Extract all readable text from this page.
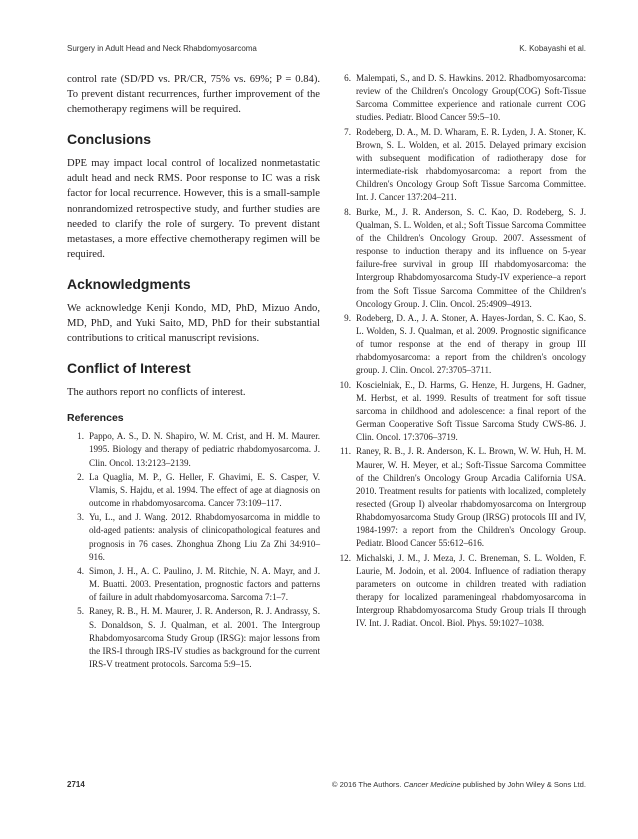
Surgery in Adult Head and Neck Rhabdomyosarcoma	K. Kobayashi et al.

control rate (SD/PD vs. PR/CR, 75% vs. 69%; P = 0.84). To prevent distant recurrences, further improvement of the chemotherapy regimens will be required.

Conclusions

DPE may impact local control of localized nonmetastatic adult head and neck RMS. Poor response to IC was a risk factor for local recurrence. However, this is a small-sample nonrandomized retrospective study, and further studies are needed to clarify the role of surgery. To prevent distant metastases, a more effective chemotherapy regimen will be required.

Acknowledgments

We acknowledge Kenji Kondo, MD, PhD, Mizuo Ando, MD, PhD, and Yuki Saito, MD, PhD for their substantial contributions to critical manuscript revisions.

Conflict of Interest

The authors report no conflicts of interest.

References
1. Pappo, A. S., D. N. Shapiro, W. M. Crist, and H. M. Maurer. 1995. Biology and therapy of pediatric rhabdomyosarcoma. J. Clin. Oncol. 13:2123–2139.
2. La Quaglia, M. P., G. Heller, F. Ghavimi, E. S. Casper, V. Vlamis, S. Hajdu, et al. 1994. The effect of age at diagnosis on outcome in rhabdomyosarcoma. Cancer 73:109–117.
3. Yu, L., and J. Wang. 2012. Rhabdomyosarcoma in middle to old-aged patients: analysis of clinicopathological features and prognosis in 76 cases. Zhonghua Zhong Liu Za Zhi 34:910–916.
4. Simon, J. H., A. C. Paulino, J. M. Ritchie, N. A. Mayr, and J. M. Buatti. 2003. Presentation, prognostic factors and patterns of failure in adult rhabdomyosarcoma. Sarcoma 7:1–7.
5. Raney, R. B., H. M. Maurer, J. R. Anderson, R. J. Andrassy, S. S. Donaldson, S. J. Qualman, et al. 2001. The Intergroup Rhabdomyosarcoma Study Group (IRSG): major lessons from the IRS-I through IRS-IV studies as background for the current IRS-V treatment protocols. Sarcoma 5:9–15.
6. Malempati, S., and D. S. Hawkins. 2012. Rhadbomyosarcoma: review of the Children's Oncology Group(COG) Soft-Tissue Sarcoma Committee experience and rationale current COG studies. Pediatr. Blood Cancer 59:5–10.
7. Rodeberg, D. A., M. D. Wharam, E. R. Lyden, J. A. Stoner, K. Brown, S. L. Wolden, et al. 2015. Delayed primary excision with subsequent modification of radiotherapy dose for intermediate-risk rhabdomyosarcoma: a report from the Children's Oncology Group Soft Tissue Sarcoma Committee. Int. J. Cancer 137:204–211.
8. Burke, M., J. R. Anderson, S. C. Kao, D. Rodeberg, S. J. Qualman, S. L. Wolden, et al.; Soft Tissue Sarcoma Committee of the Children's Oncology Group. 2007. Assessment of response to induction therapy and its influence on 5-year failure-free survival in group III rhabdomyosarcoma: the Intergroup Rhabdomyosarcoma Study-IV experience–a report from the Soft Tissue Sarcoma Committee of the Children's Oncology Group. J. Clin. Oncol. 25:4909–4913.
9. Rodeberg, D. A., J. A. Stoner, A. Hayes-Jordan, S. C. Kao, S. L. Wolden, S. J. Qualman, et al. 2009. Prognostic significance of tumor response at the end of therapy in group III rhabdomyosarcoma: a report from the children's oncology group. J. Clin. Oncol. 27:3705–3711.
10. Koscielniak, E., D. Harms, G. Henze, H. Jurgens, H. Gadner, M. Herbst, et al. 1999. Results of treatment for soft tissue sarcoma in childhood and adolescence: a final report of the German Cooperative Soft Tissue Sarcoma Study CWS-86. J. Clin. Oncol. 17:3706–3719.
11. Raney, R. B., J. R. Anderson, K. L. Brown, W. W. Huh, H. M. Maurer, W. H. Meyer, et al.; Soft-Tissue Sarcoma Committee of the Children's Oncology Group Arcadia California USA. 2010. Treatment results for patients with localized, completely resected (Group I) alveolar rhabdomyosarcoma on Intergroup Rhabdomyosarcoma Study Group (IRSG) protocols III and IV, 1984-1997: a report from the Children's Oncology Group. Pediatr. Blood Cancer 55:612–616.
12. Michalski, J. M., J. Meza, J. C. Breneman, S. L. Wolden, F. Laurie, M. Jodoin, et al. 2004. Influence of radiation therapy parameters on outcome in children treated with radiation therapy for localized parameningeal rhabdomyosarcoma in Intergroup Rhabdomyosarcoma Study Group trials II through IV. Int. J. Radiat. Oncol. Biol. Phys. 59:1027–1038.
2714	© 2016 The Authors. Cancer Medicine published by John Wiley & Sons Ltd.
